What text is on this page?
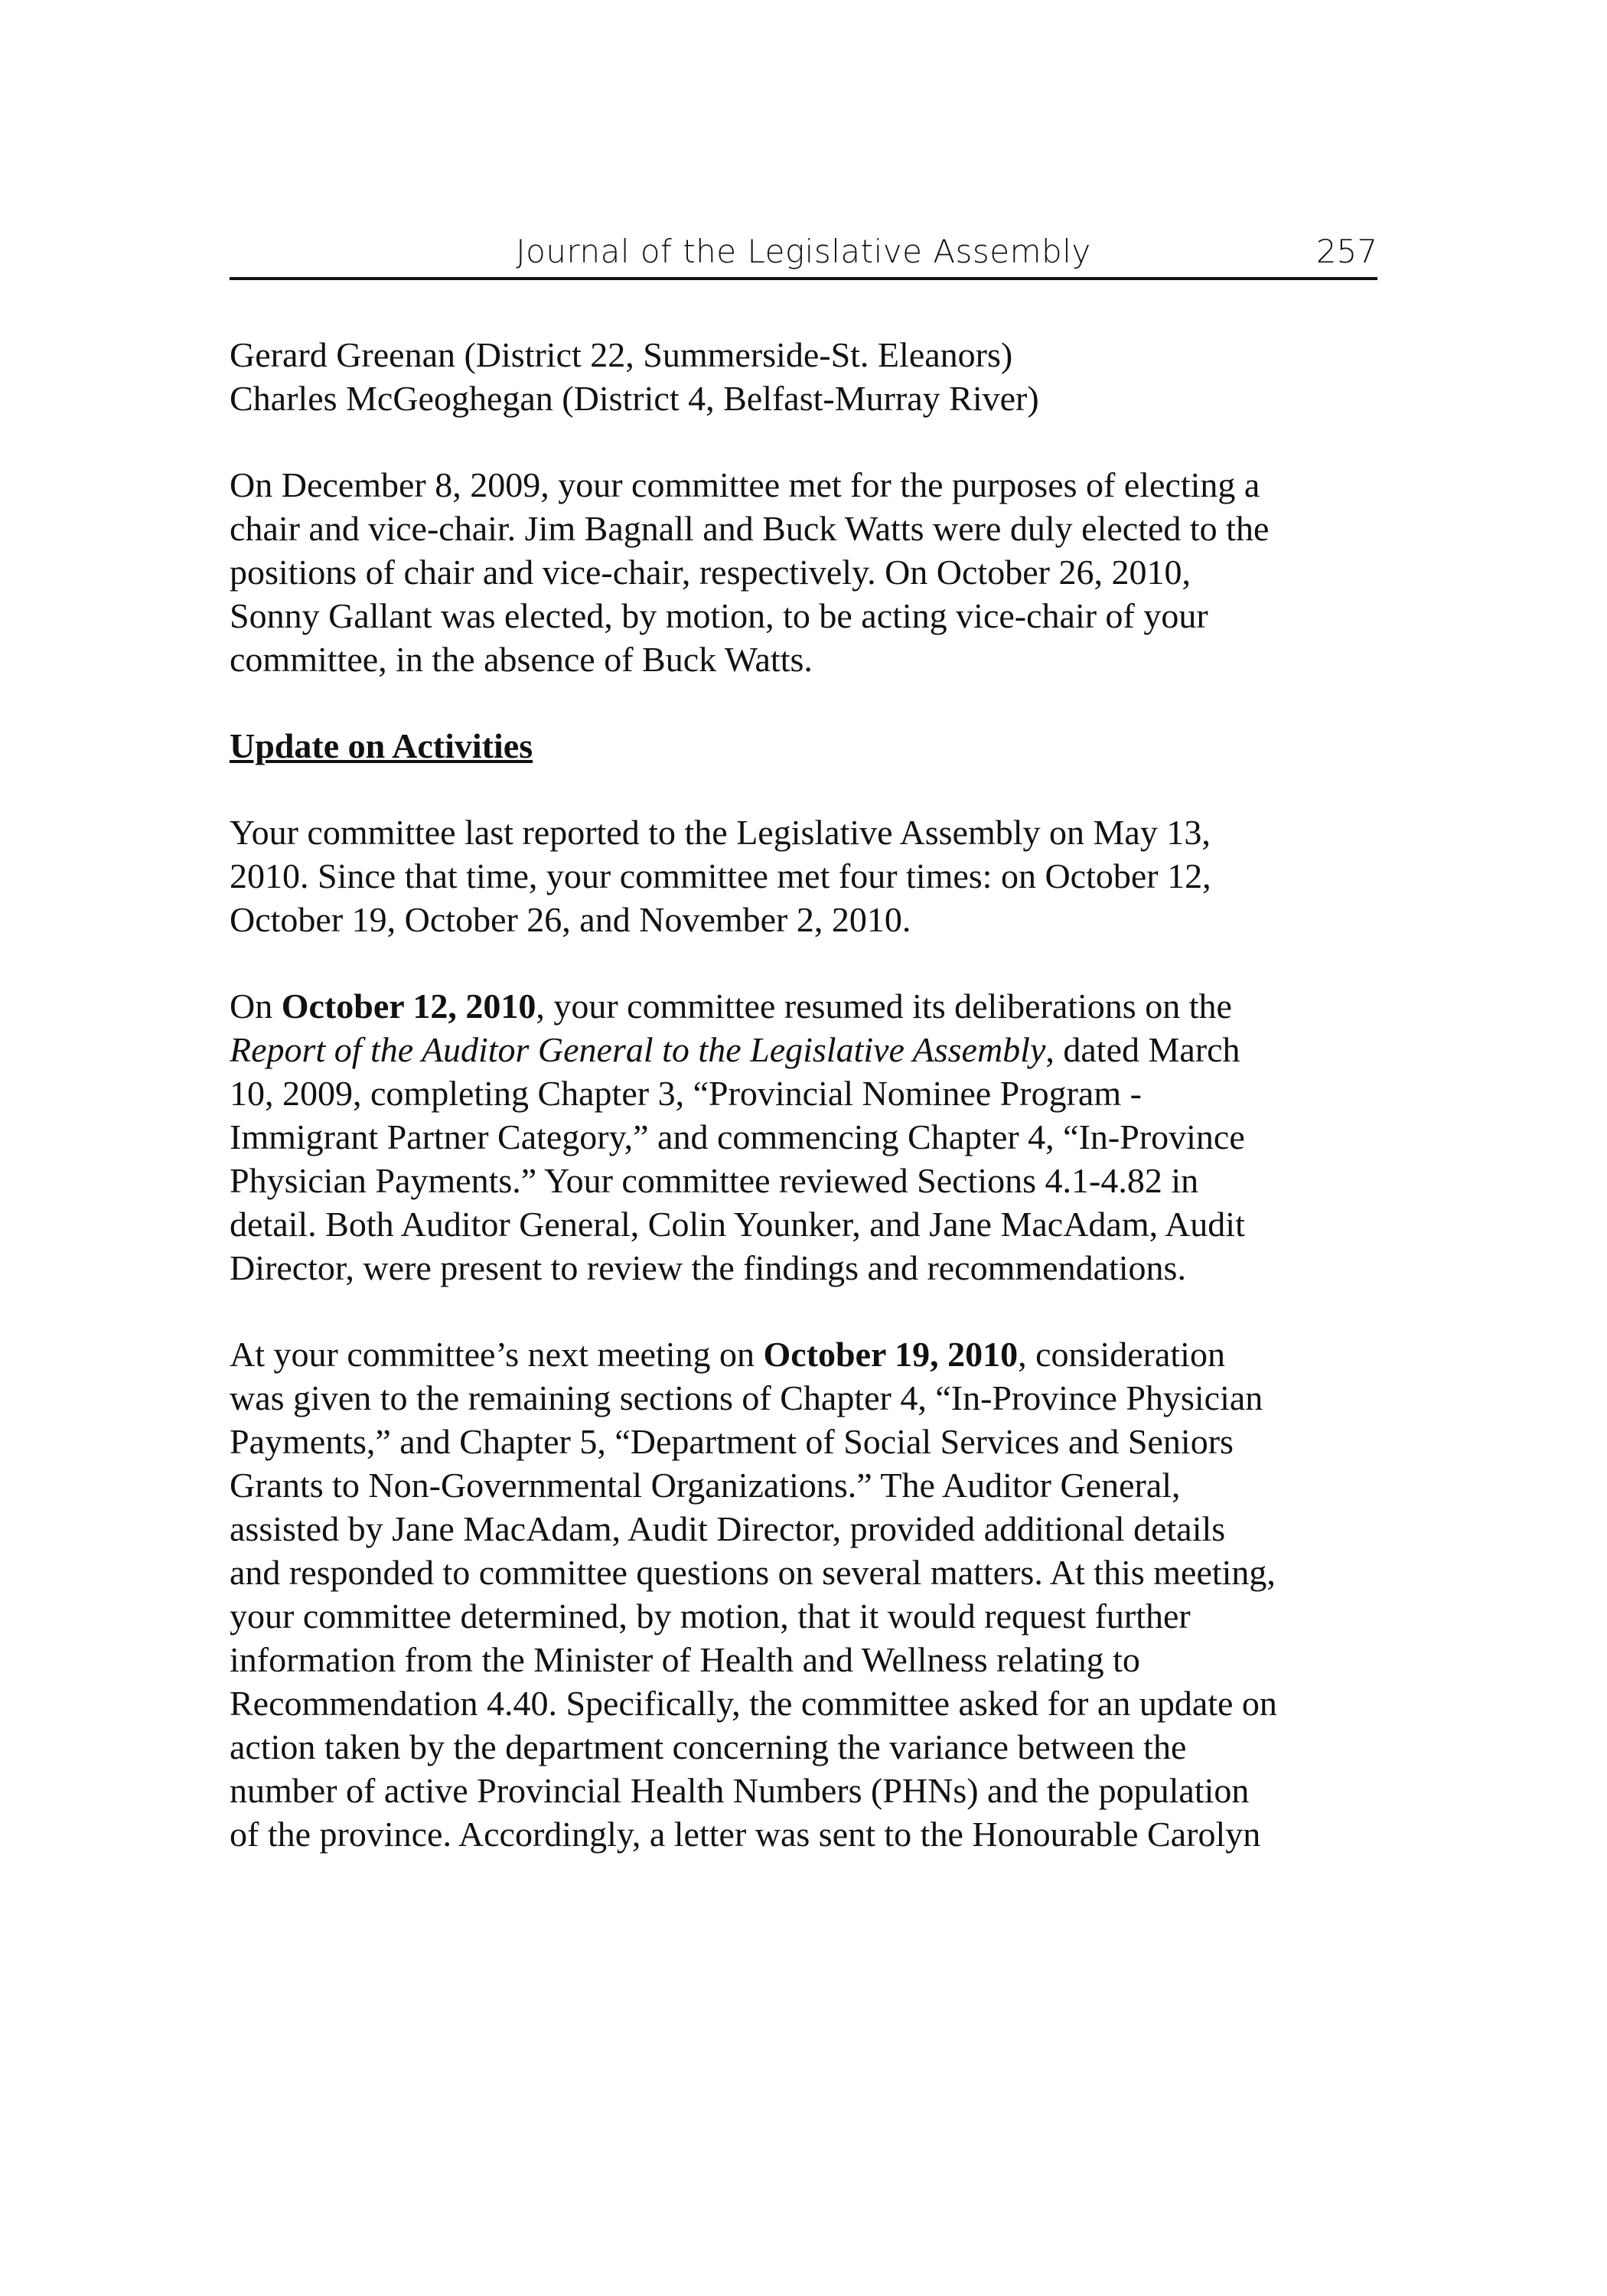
Journal of the Legislative Assembly	257

Gerard Greenan (District 22, Summerside-St. Eleanors)
Charles McGeoghegan (District 4, Belfast-Murray River)

On December 8, 2009, your committee met for the purposes of electing a
chair and vice-chair. Jim Bagnall and Buck Watts were duly elected to the
positions of chair and vice-chair, respectively. On October 26, 2010,
Sonny Gallant was elected, by motion, to be acting vice-chair of your
committee, in the absence of Buck Watts.

Update on Activities

Your committee last reported to the Legislative Assembly on May 13,
2010. Since that time, your committee met four times: on October 12,
October 19, October 26, and November 2, 2010.

On October 12, 2010, your committee resumed its deliberations on the
Report of the Auditor General to the Legislative Assembly, dated March
10, 2009, completing Chapter 3, “Provincial Nominee Program -
Immigrant Partner Category,” and commencing Chapter 4, “In-Province
Physician Payments.” Your committee reviewed Sections 4.1-4.82 in
detail. Both Auditor General, Colin Younker, and Jane MacAdam, Audit
Director, were present to review the findings and recommendations.

At your committee’s next meeting on October 19, 2010, consideration
was given to the remaining sections of Chapter 4, “In-Province Physician
Payments,” and Chapter 5, “Department of Social Services and Seniors
Grants to Non-Governmental Organizations.” The Auditor General,
assisted by Jane MacAdam, Audit Director, provided additional details
and responded to committee questions on several matters. At this meeting,
your committee determined, by motion, that it would request further
information from the Minister of Health and Wellness relating to
Recommendation 4.40. Specifically, the committee asked for an update on
action taken by the department concerning the variance between the
number of active Provincial Health Numbers (PHNs) and the population
of the province. Accordingly, a letter was sent to the Honourable Carolyn
